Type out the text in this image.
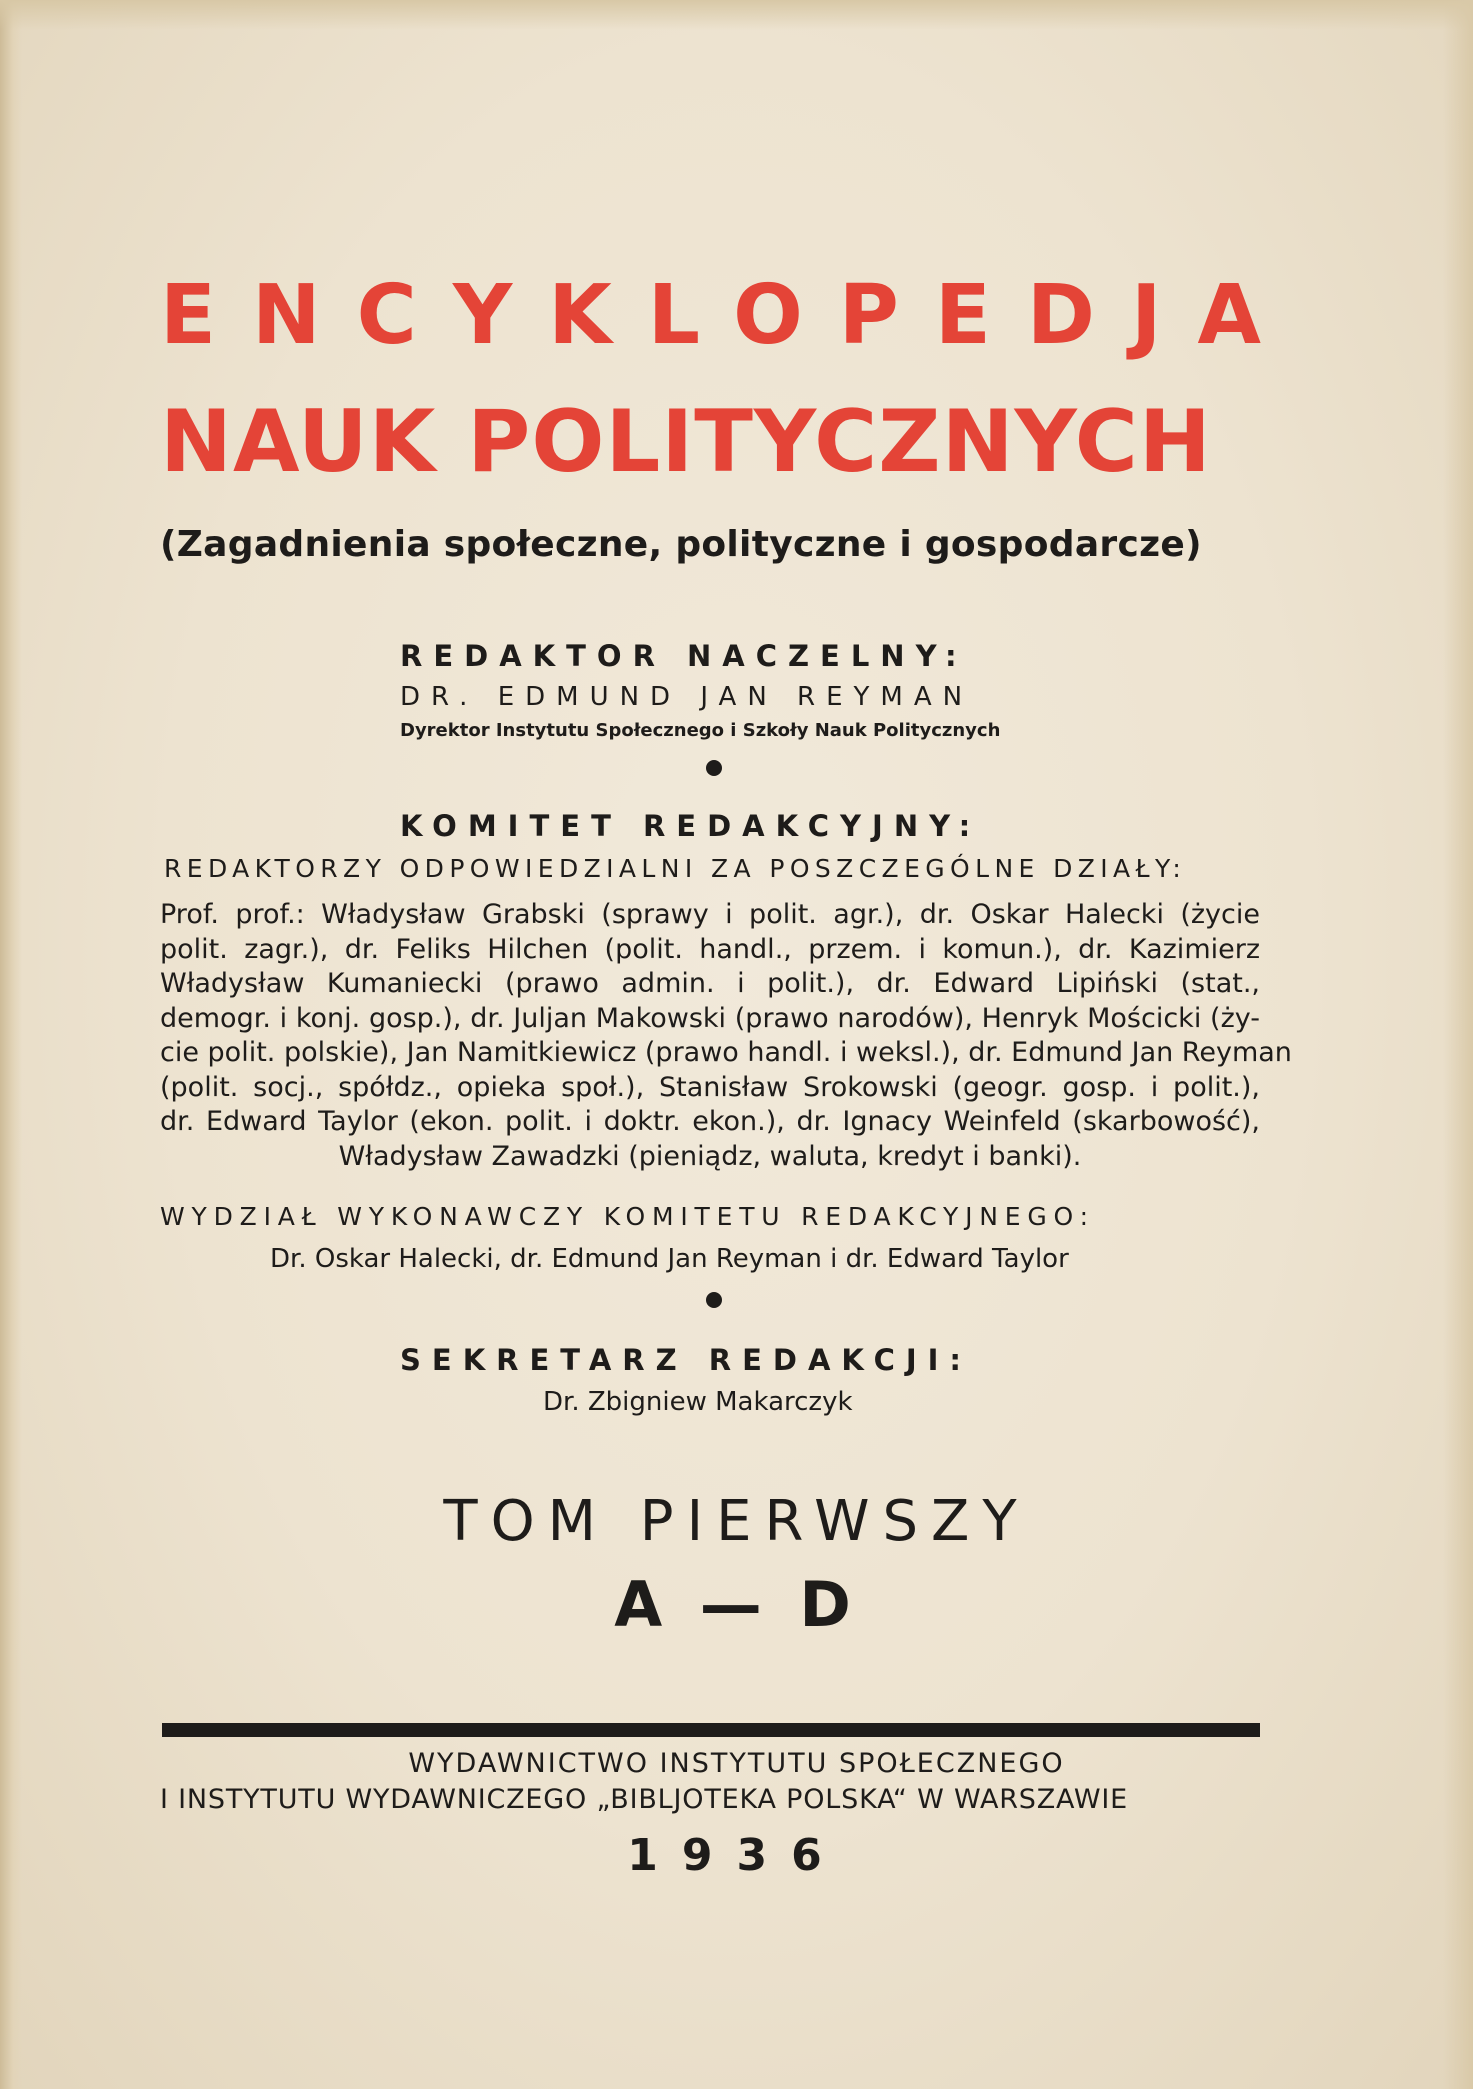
ENCYKLOPEDJA
NAUK POLITYCZNYCH
(Zagadnienia społeczne, polityczne i gospodarcze)
REDAKTOR NACZELNY:
DR. EDMUND JAN REYMAN
Dyrektor Instytutu Społecznego i Szkoły Nauk Politycznych
KOMITET REDAKCYJNY:
REDAKTORZY ODPOWIEDZIALNI ZA POSZCZEGÓLNE DZIAŁY:
Prof. prof.: Władysław Grabski (sprawy i polit. agr.), dr. Oskar Halecki (życie
polit. zagr.), dr. Feliks Hilchen (polit. handl., przem. i komun.), dr. Kazimierz
Władysław Kumaniecki (prawo admin. i polit.), dr. Edward Lipiński (stat.,
demogr. i konj. gosp.), dr. Juljan Makowski (prawo narodów), Henryk Mościcki (ży-
cie polit. polskie), Jan Namitkiewicz (prawo handl. i weksl.), dr. Edmund Jan Reyman
(polit. socj., spółdz., opieka społ.), Stanisław Srokowski (geogr. gosp. i polit.),
dr. Edward Taylor (ekon. polit. i doktr. ekon.), dr. Ignacy Weinfeld (skarbowość),
Władysław Zawadzki (pieniądz, waluta, kredyt i banki).
WYDZIAŁ WYKONAWCZY KOMITETU REDAKCYJNEGO:
Dr. Oskar Halecki, dr. Edmund Jan Reyman i dr. Edward Taylor
SEKRETARZ REDAKCJI:
Dr. Zbigniew Makarczyk
TOM PIERWSZY
A — D
WYDAWNICTWO INSTYTUTU SPOŁECZNEGO
I INSTYTUTU WYDAWNICZEGO „BIBLJOTEKA POLSKA“ W WARSZAWIE
1936
